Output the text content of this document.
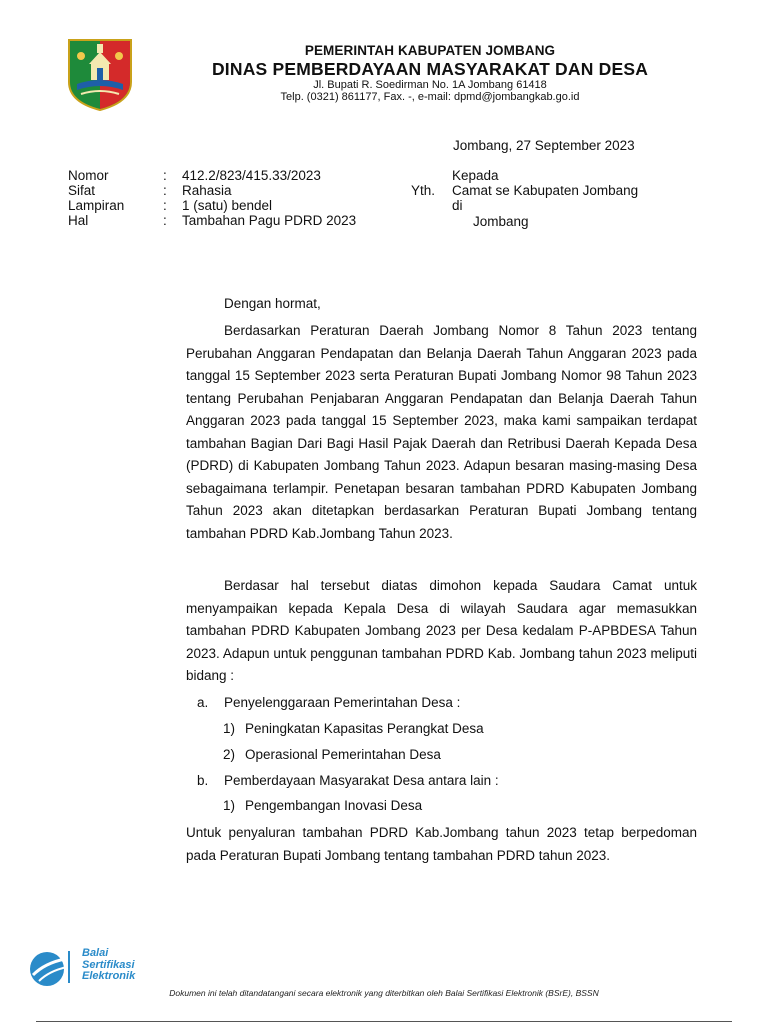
PEMERINTAH KABUPATEN JOMBANG
DINAS PEMBERDAYAAN MASYARAKAT DAN DESA
Jl. Bupati R. Soedirman No. 1A Jombang 61418
Telp. (0321) 861177, Fax. -, e-mail: dpmd@jombangkab.go.id
Jombang, 27 September 2023
Nomor	: 412.2/823/415.33/2023
Sifat	: Rahasia
Lampiran	: 1 (satu) bendel
Hal	: Tambahan Pagu PDRD 2023
Kepada
Yth. Camat se Kabupaten Jombang
di
Jombang
Dengan hormat,
Berdasarkan Peraturan Daerah Jombang Nomor 8 Tahun 2023 tentang Perubahan Anggaran Pendapatan dan Belanja Daerah Tahun Anggaran 2023 pada tanggal 15 September 2023 serta Peraturan Bupati Jombang Nomor 98 Tahun 2023 tentang Perubahan Penjabaran Anggaran Pendapatan dan Belanja Daerah Tahun Anggaran 2023 pada tanggal 15 September 2023, maka kami sampaikan terdapat tambahan Bagian Dari Bagi Hasil Pajak Daerah dan Retribusi Daerah Kepada Desa (PDRD) di Kabupaten Jombang Tahun 2023. Adapun besaran masing-masing Desa sebagaimana terlampir. Penetapan besaran tambahan PDRD Kabupaten Jombang Tahun 2023 akan ditetapkan berdasarkan Peraturan Bupati Jombang tentang tambahan PDRD Kab.Jombang Tahun 2023.
Berdasar hal tersebut diatas dimohon kepada Saudara Camat untuk menyampaikan kepada Kepala Desa di wilayah Saudara agar memasukkan tambahan PDRD Kabupaten Jombang 2023 per Desa kedalam P-APBDESA Tahun 2023. Adapun untuk penggunan tambahan PDRD Kab. Jombang tahun 2023 meliputi bidang :
a. Penyelenggaraan Pemerintahan Desa :
1) Peningkatan Kapasitas Perangkat Desa
2) Operasional Pemerintahan Desa
b. Pemberdayaan Masyarakat Desa antara lain :
1) Pengembangan Inovasi Desa
Untuk penyaluran tambahan PDRD Kab.Jombang tahun 2023 tetap berpedoman pada Peraturan Bupati Jombang tentang tambahan PDRD tahun 2023.
Balai
Sertifikasi
Elektronik
Dokumen ini telah ditandatangani secara elektronik yang diterbitkan oleh Balai Sertifikasi Elektronik (BSrE), BSSN
